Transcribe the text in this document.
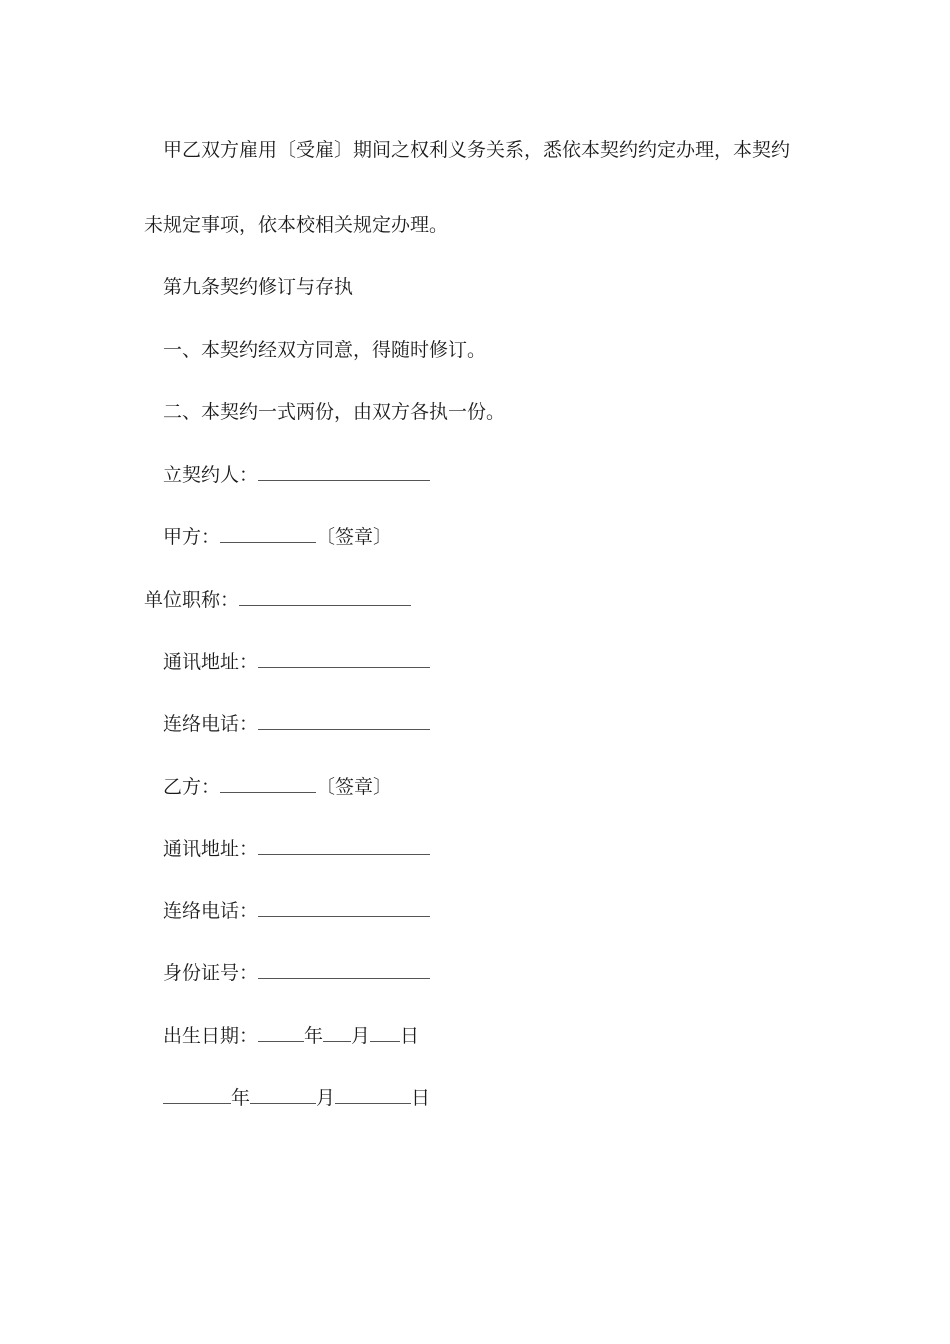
甲乙双方雇用〔受雇〕期间之权利义务关系，悉依本契约约定办理，本契约
未规定事项，依本校相关规定办理。
第九条契约修订与存执
一、本契约经双方同意，得随时修订。
二、本契约一式两份，由双方各执一份。
立契约人：
甲方：	〔签章〕
单位职称：
通讯地址：
连络电话：
乙方：	〔签章〕
通讯地址：
连络电话：
身份证号：
出生日期： 年 月 日
年	月	日
